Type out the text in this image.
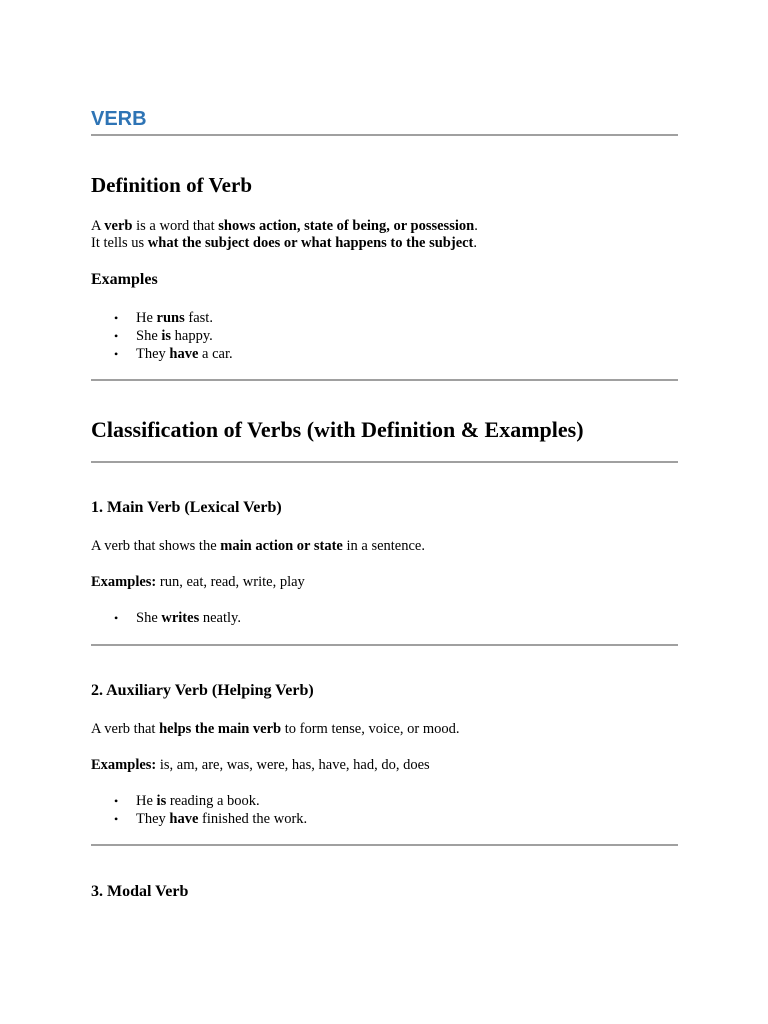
VERB
Definition of Verb

A verb is a word that shows action, state of being, or possession.

It tells us what the subject does or what happens to the subject.

Examples
• He runs fast.
• She is happy.
• They have a car.
Classification of Verbs (with Definition & Examples)
1. Main Verb (Lexical Verb)

A verb that shows the main action or state in a sentence.

Examples: run, eat, read, write, play

• She writes neatly.
2. Auxiliary Verb (Helping Verb)

A verb that helps the main verb to form tense, voice, or mood.

Examples: is, am, are, was, were, has, have, had, do, does

• He is reading a book.
• They have finished the work.
3. Modal Verb
